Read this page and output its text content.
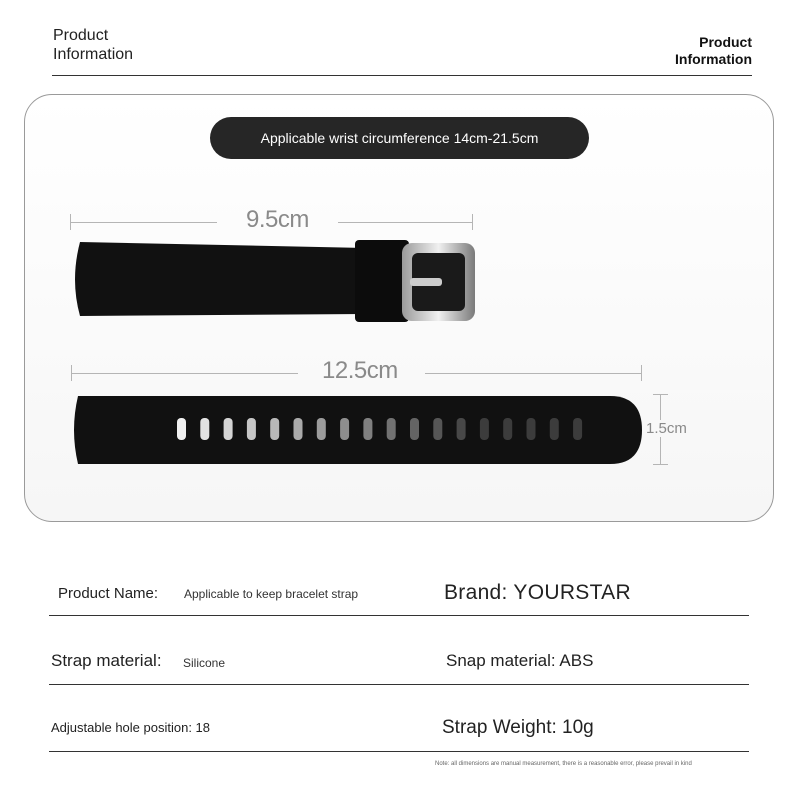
Product
Information
Product
Information
Applicable wrist circumference 14cm-21.5cm
9.5cm
12.5cm
1.5cm
Product Name: Applicable to keep bracelet strap	Brand: YOURSTAR
Strap material: Silicone	Snap material: ABS
Adjustable hole position: 18	Strap Weight: 10g
Note: all dimensions are manual measurement, there is a reasonable error, please prevail in kind
